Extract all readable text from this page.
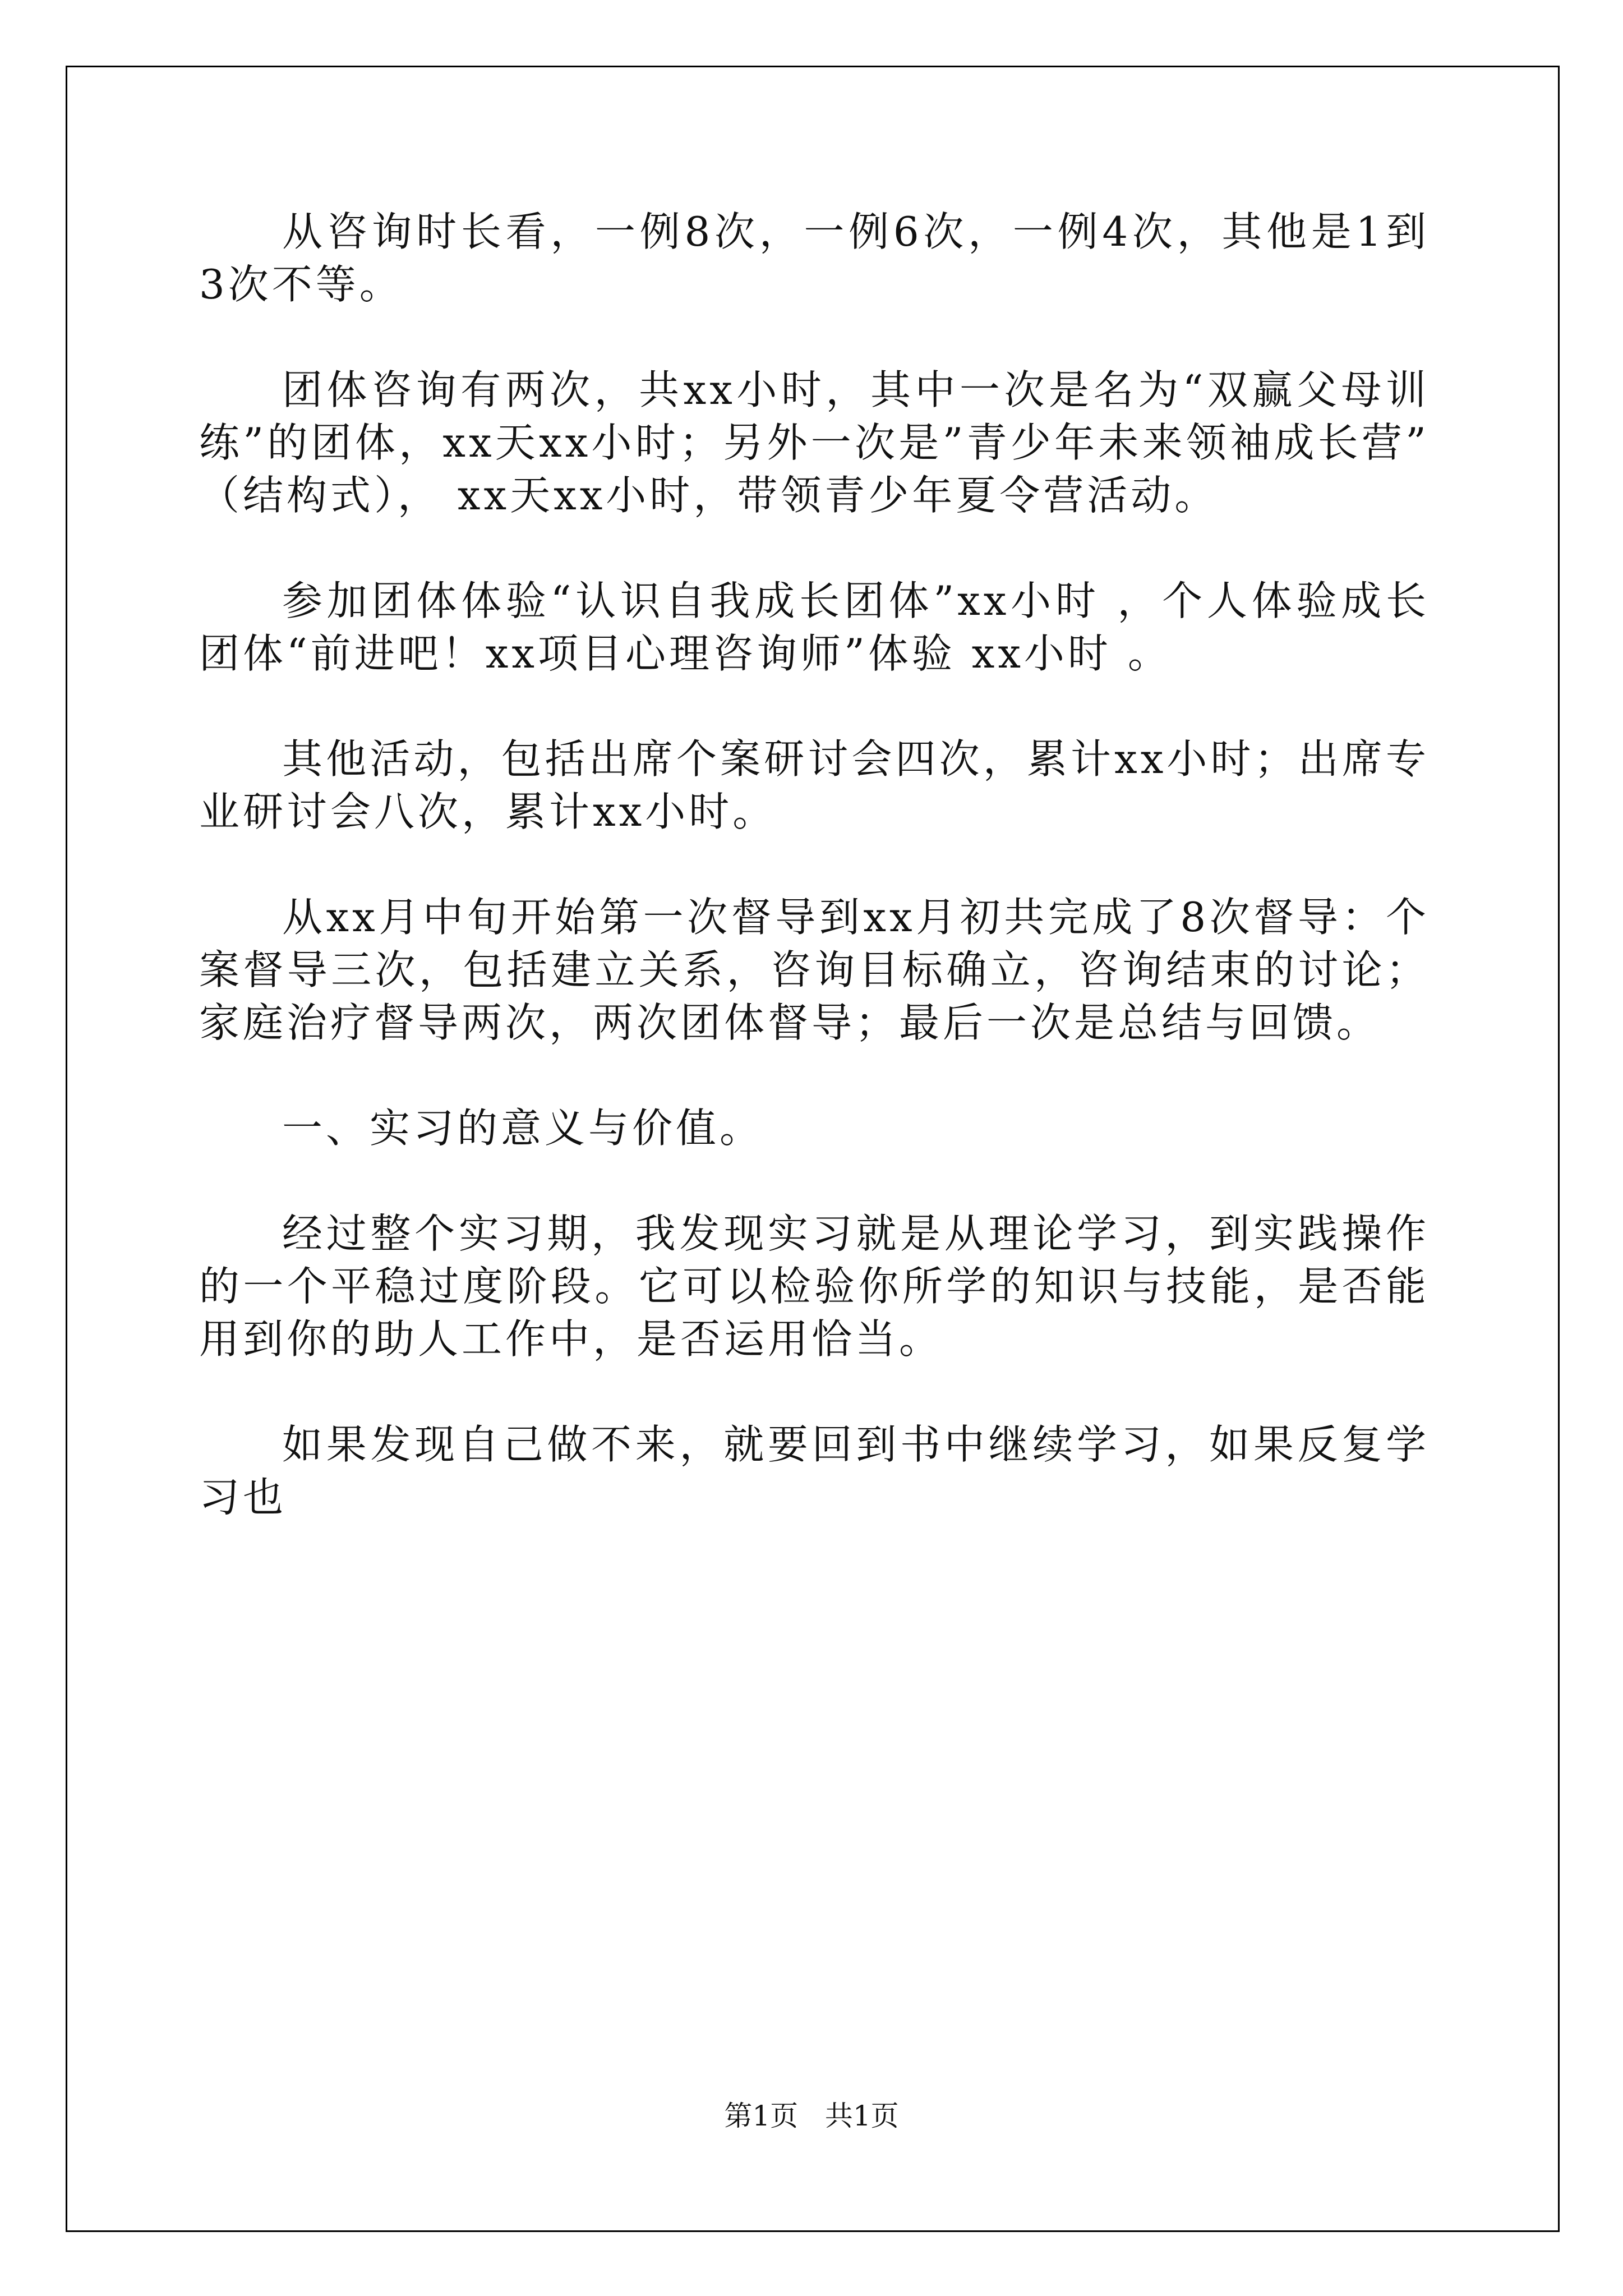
从咨询时长看，一例8次，一例6次，一例4次，其他是1到3次不等。

团体咨询有两次，共xx小时，其中一次是名为“双赢父母训练”的团体，xx天xx小时；另外一次是”青少年未来领袖成长营”（结构式）， xx天xx小时，带领青少年夏令营活动。

参加团体体验“认识自我成长团体”xx小时 ，个人体验成长团体“前进吧！xx项目心理咨询师”体验 xx小时 。

其他活动，包括出席个案研讨会四次，累计xx小时；出席专业研讨会八次，累计xx小时。

从xx月中旬开始第一次督导到xx月初共完成了8次督导：个案督导三次，包括建立关系，咨询目标确立，咨询结束的讨论；家庭治疗督导两次，两次团体督导；最后一次是总结与回馈。

一、实习的意义与价值。

经过整个实习期，我发现实习就是从理论学习，到实践操作的一个平稳过度阶段。它可以检验你所学的知识与技能，是否能用到你的助人工作中，是否运用恰当。

如果发现自己做不来，就要回到书中继续学习，如果反复学习也

第1页   共1页
